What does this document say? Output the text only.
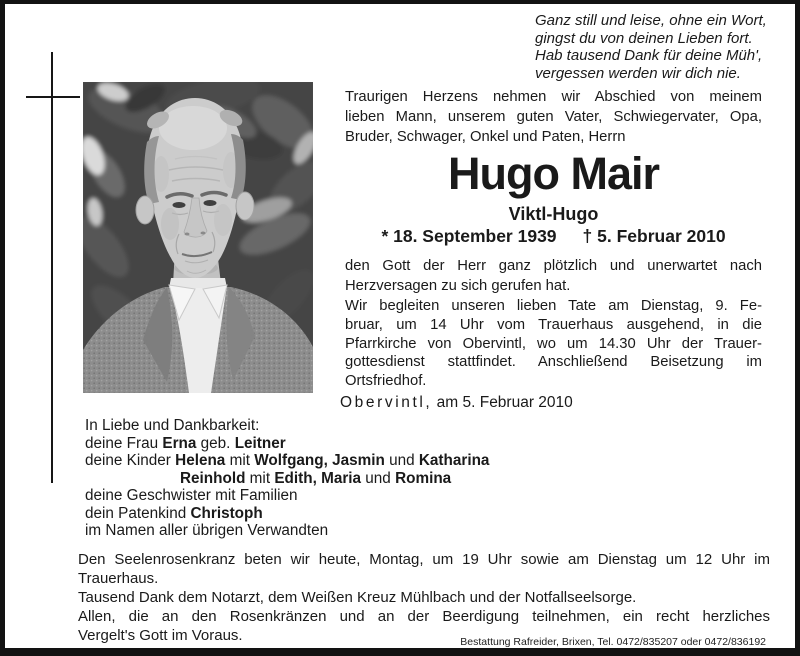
Ganz still und leise, ohne ein Wort,
gingst du von deinen Lieben fort.
Hab tausend Dank für deine Müh',
vergessen werden wir dich nie.
Traurigen Herzens nehmen wir Abschied von meinem
lieben Mann, unserem guten Vater, Schwiegervater, Opa,
Bruder, Schwager, Onkel und Paten, Herrn
Hugo Mair
Viktl-Hugo
* 18. September 1939 † 5. Februar 2010
den Gott der Herr ganz plötzlich und unerwartet nach
Herzversagen zu sich gerufen hat.
Wir begleiten unseren lieben Tate am Dienstag, 9. Fe-
bruar, um 14 Uhr vom Trauerhaus ausgehend, in die
Pfarrkirche von Obervintl, wo um 14.30 Uhr der Trauer-
gottesdienst stattfindet. Anschließend Beisetzung im
Ortsfriedhof.
Obervintl, am 5. Februar 2010
In Liebe und Dankbarkeit:
deine Frau Erna geb. Leitner
deine Kinder Helena mit Wolfgang, Jasmin und Katharina
Reinhold mit Edith, Maria und Romina
deine Geschwister mit Familien
dein Patenkind Christoph
im Namen aller übrigen Verwandten
Den Seelenrosenkranz beten wir heute, Montag, um 19 Uhr sowie am Dienstag um 12 Uhr im
Trauerhaus.
Tausend Dank dem Notarzt, dem Weißen Kreuz Mühlbach und der Notfallseelsorge.
Allen, die an den Rosenkränzen und an der Beerdigung teilnehmen, ein recht herzliches
Vergelt's Gott im Voraus.	Bestattung Rafreider, Brixen, Tel. 0472/835207 oder 0472/836192
